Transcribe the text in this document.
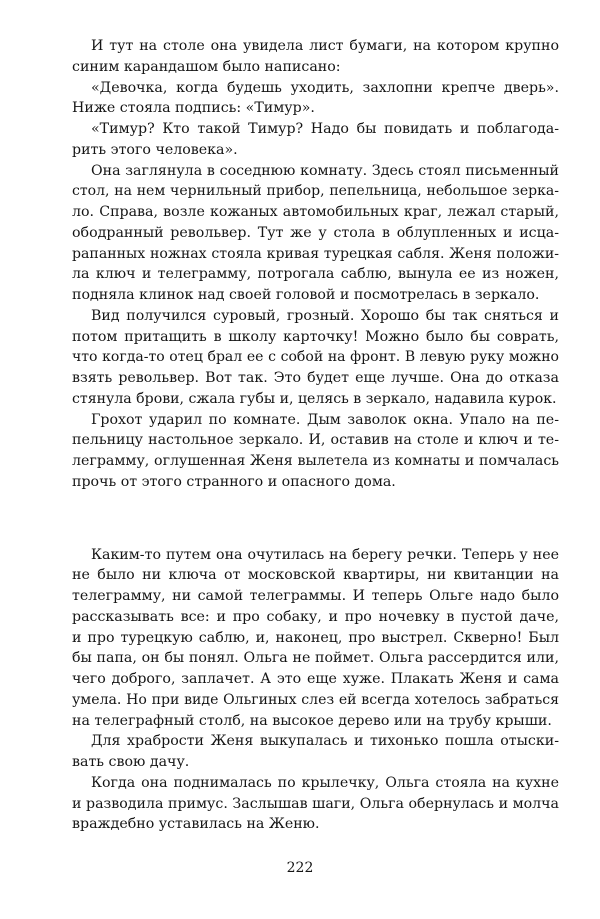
И тут на столе она увидела лист бумаги, на котором крупно
синим карандашом было написано:
«Девочка, когда будешь уходить, захлопни крепче дверь».
Ниже стояла подпись: «Тимур».
«Тимур? Кто такой Тимур? Надо бы повидать и поблагода-
рить этого человека».
Она заглянула в соседнюю комнату. Здесь стоял письменный
стол, на нем чернильный прибор, пепельница, небольшое зерка-
ло. Справа, возле кожаных автомобильных краг, лежал старый,
ободранный револьвер. Тут же у стола в облупленных и исца-
рапанных ножнах стояла кривая турецкая сабля. Женя положи-
ла ключ и телеграмму, потрогала саблю, вынула ее из ножен,
подняла клинок над своей головой и посмотрелась в зеркало.
Вид получился суровый, грозный. Хорошо бы так сняться и
потом притащить в школу карточку! Можно было бы соврать,
что когда-то отец брал ее с собой на фронт. В левую руку можно
взять револьвер. Вот так. Это будет еще лучше. Она до отказа
стянула брови, сжала губы и, целясь в зеркало, надавила курок.
Грохот ударил по комнате. Дым заволок окна. Упало на пе-
пельницу настольное зеркало. И, оставив на столе и ключ и те-
леграмму, оглушенная Женя вылетела из комнаты и помчалась
прочь от этого странного и опасного дома.
Каким-то путем она очутилась на берегу речки. Теперь у нее
не было ни ключа от московской квартиры, ни квитанции на
телеграмму, ни самой телеграммы. И теперь Ольге надо было
рассказывать все: и про собаку, и про ночевку в пустой даче,
и про турецкую саблю, и, наконец, про выстрел. Скверно! Был
бы папа, он бы понял. Ольга не поймет. Ольга рассердится или,
чего доброго, заплачет. А это еще хуже. Плакать Женя и сама
умела. Но при виде Ольгиных слез ей всегда хотелось забраться
на телеграфный столб, на высокое дерево или на трубу крыши.
Для храбрости Женя выкупалась и тихонько пошла отыски-
вать свою дачу.
Когда она поднималась по крылечку, Ольга стояла на кухне
и разводила примус. Заслышав шаги, Ольга обернулась и молча
враждебно уставилась на Женю.
222
